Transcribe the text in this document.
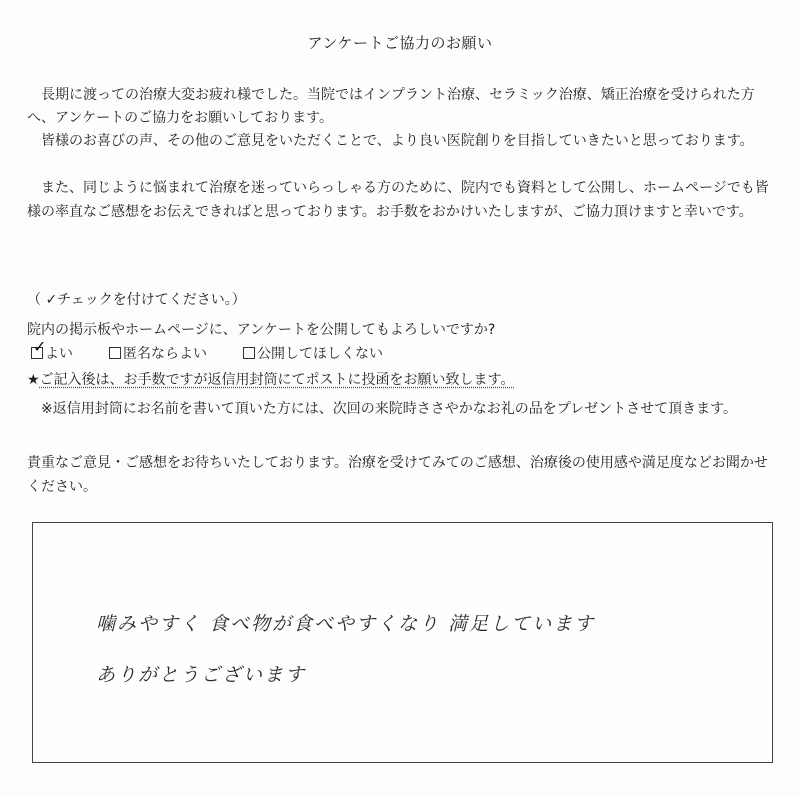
アンケートご協力のお願い

長期に渡っての治療大変お疲れ様でした。当院ではインプラント治療、セラミック治療、矯正治療を受けられた方へ、アンケートのご協力をお願いしております。

皆様のお喜びの声、その他のご意見をいただくことで、より良い医院創りを目指していきたいと思っております。

また、同じように悩まれて治療を迷っていらっしゃる方のために、院内でも資料として公開し、ホームページでも皆様の率直なご感想をお伝えできればと思っております。お手数をおかけいたしますが、ご協力頂けますと幸いです。

（ ✓チェックを付けてください。）

院内の掲示板やホームページに、アンケートを公開してもよろしいですか?

✓
よい	匿名ならよい	公開してほしくない

★ご記入後は、お手数ですが返信用封筒にてポストに投函をお願い致します。

※返信用封筒にお名前を書いて頂いた方には、次回の来院時ささやかなお礼の品をプレゼントさせて頂きます。

貴重なご意見・ご感想をお待ちいたしております。治療を受けてみてのご感想、治療後の使用感や満足度などお聞かせください。

噛みやすく 食べ物が食べやすくなり 満足しています
ありがとうございます
